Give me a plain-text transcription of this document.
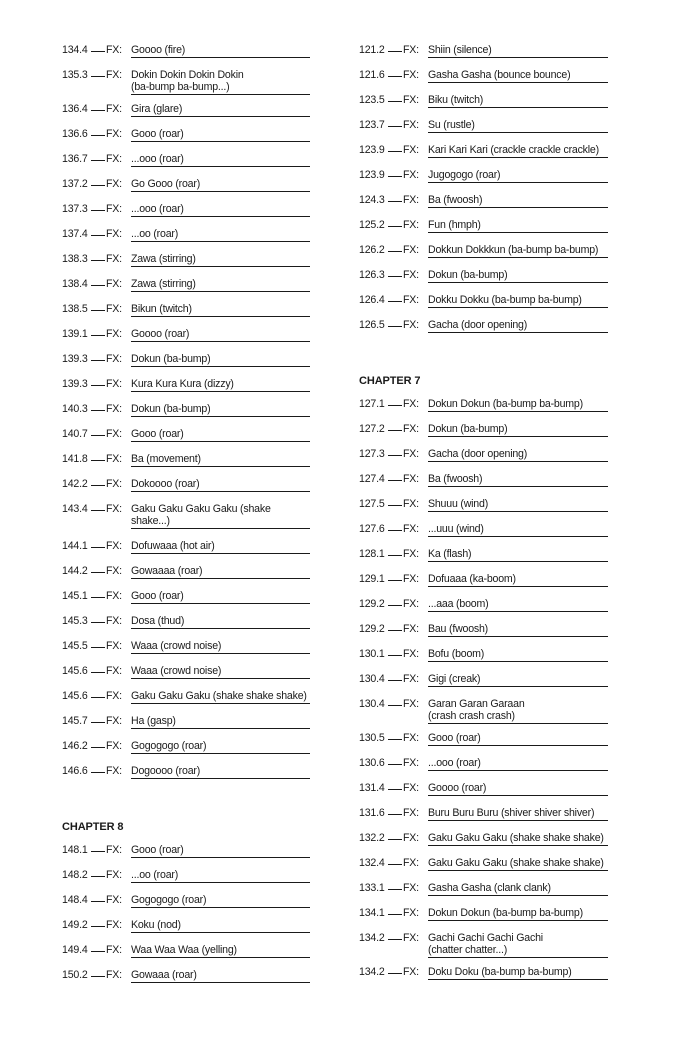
134.4 FX: Goooo (fire)
135.3 FX: Dokin Dokin Dokin Dokin
(ba-bump ba-bump...)
136.4 FX: Gira (glare)
136.6 FX: Gooo (roar)
136.7 FX: ...ooo (roar)
137.2 FX: Go Gooo (roar)
137.3 FX: ...ooo (roar)
137.4 FX: ...oo (roar)
138.3 FX: Zawa (stirring)
138.4 FX: Zawa (stirring)
138.5 FX: Bikun (twitch)
139.1 FX: Goooo (roar)
139.3 FX: Dokun (ba-bump)
139.3 FX: Kura Kura Kura (dizzy)
140.3 FX: Dokun (ba-bump)
140.7 FX: Gooo (roar)
141.8 FX: Ba (movement)
142.2 FX: Dokoooo (roar)
143.4 FX: Gaku Gaku Gaku Gaku (shake shake...)
144.1 FX: Dofuwaaa (hot air)
144.2 FX: Gowaaaa (roar)
145.1 FX: Gooo (roar)
145.3 FX: Dosa (thud)
145.5 FX: Waaa (crowd noise)
145.6 FX: Waaa (crowd noise)
145.6 FX: Gaku Gaku Gaku (shake shake shake)
145.7 FX: Ha (gasp)
146.2 FX: Gogogogo (roar)
146.6 FX: Dogoooo (roar)
CHAPTER 8
148.1 FX: Gooo (roar)
148.2 FX: ...oo (roar)
148.4 FX: Gogogogo (roar)
149.2 FX: Koku (nod)
149.4 FX: Waa Waa Waa (yelling)
150.2 FX: Gowaaa (roar)
121.2 FX: Shiin (silence)
121.6 FX: Gasha Gasha (bounce bounce)
123.5 FX: Biku (twitch)
123.7 FX: Su (rustle)
123.9 FX: Kari Kari Kari (crackle crackle crackle)
123.9 FX: Jugogogo (roar)
124.3 FX: Ba (fwoosh)
125.2 FX: Fun (hmph)
126.2 FX: Dokkun Dokkkun (ba-bump ba-bump)
126.3 FX: Dokun (ba-bump)
126.4 FX: Dokku Dokku (ba-bump ba-bump)
126.5 FX: Gacha (door opening)
CHAPTER 7
127.1 FX: Dokun Dokun (ba-bump ba-bump)
127.2 FX: Dokun (ba-bump)
127.3 FX: Gacha (door opening)
127.4 FX: Ba (fwoosh)
127.5 FX: Shuuu (wind)
127.6 FX: ...uuu (wind)
128.1 FX: Ka (flash)
129.1 FX: Dofuaaa (ka-boom)
129.2 FX: ...aaa (boom)
129.2 FX: Bau (fwoosh)
130.1 FX: Bofu (boom)
130.4 FX: Gigi (creak)
130.4 FX: Garan Garan Garaan
(crash crash crash)
130.5 FX: Gooo (roar)
130.6 FX: ...ooo (roar)
131.4 FX: Goooo (roar)
131.6 FX: Buru Buru Buru (shiver shiver shiver)
132.2 FX: Gaku Gaku Gaku (shake shake shake)
132.4 FX: Gaku Gaku Gaku (shake shake shake)
133.1 FX: Gasha Gasha (clank clank)
134.1 FX: Dokun Dokun (ba-bump ba-bump)
134.2 FX: Gachi Gachi Gachi Gachi
(chatter chatter...)
134.2 FX: Doku Doku (ba-bump ba-bump)
